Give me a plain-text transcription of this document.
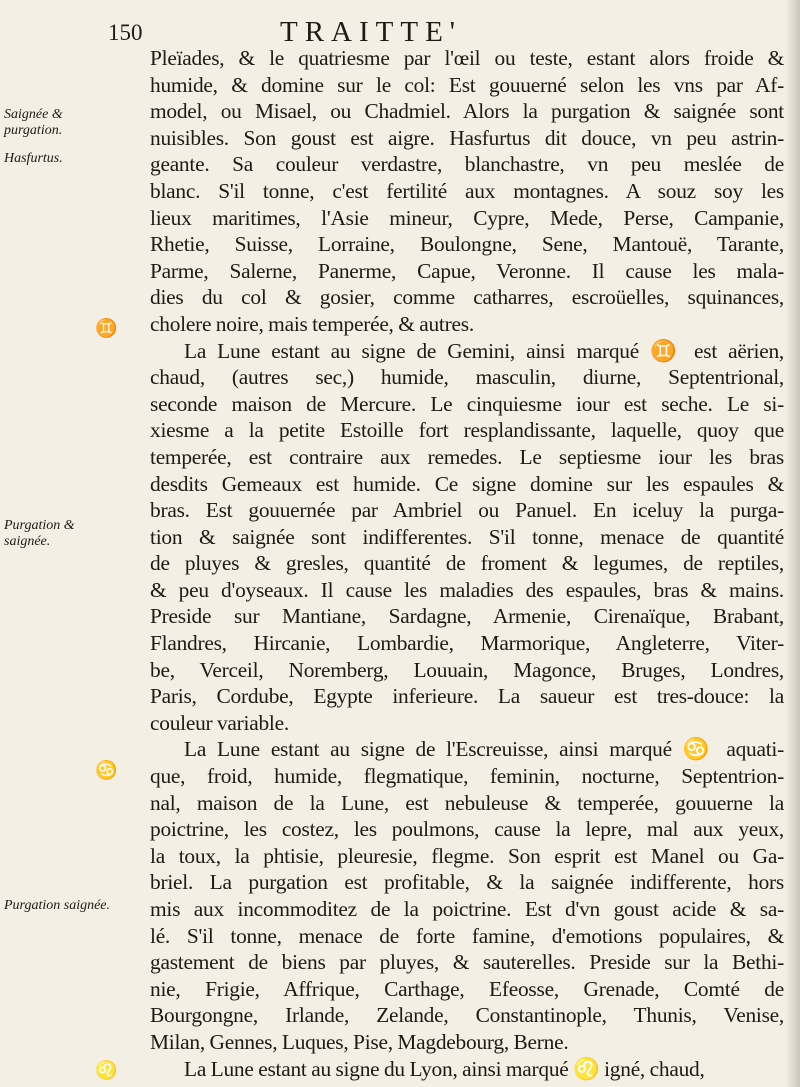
150	TRAITTE'
Saignée & purgation.
Hasfurtus.
♊
Purgation & saignée.
♋
Purgation saignée.
♌
Pleïades, & le quatriesme par l'œil ou teste, estant alors froide &
humide, & domine sur le col: Est gouuerné selon les vns par Af-
model, ou Misael, ou Chadmiel. Alors la purgation & saignée sont
nuisibles. Son goust est aigre. Hasfurtus dit douce, vn peu astrin-
geante. Sa couleur verdastre, blanchastre, vn peu meslée de
blanc. S'il tonne, c'est fertilité aux montagnes. A souz soy les
lieux maritimes, l'Asie mineur, Cypre, Mede, Perse, Campanie,
Rhetie, Suisse, Lorraine, Boulongne, Sene, Mantouë, Tarante,
Parme, Salerne, Panerme, Capue, Veronne. Il cause les mala-
dies du col & gosier, comme catharres, escroüelles, squinances,
cholere noire, mais temperée, & autres.
La Lune estant au signe de Gemini, ainsi marqué ♊ est aërien,
chaud, (autres sec,) humide, masculin, diurne, Septentrional,
seconde maison de Mercure. Le cinquiesme iour est seche. Le si-
xiesme a la petite Estoille fort resplandissante, laquelle, quoy que
temperée, est contraire aux remedes. Le septiesme iour les bras
desdits Gemeaux est humide. Ce signe domine sur les espaules &
bras. Est gouuernée par Ambriel ou Panuel. En iceluy la purga-
tion & saignée sont indifferentes. S'il tonne, menace de quantité
de pluyes & gresles, quantité de froment & legumes, de reptiles,
& peu d'oyseaux. Il cause les maladies des espaules, bras & mains.
Preside sur Mantiane, Sardagne, Armenie, Cirenaïque, Brabant,
Flandres, Hircanie, Lombardie, Marmorique, Angleterre, Viter-
be, Verceil, Noremberg, Louuain, Magonce, Bruges, Londres,
Paris, Cordube, Egypte inferieure. La saueur est tres-douce: la
couleur variable.
La Lune estant au signe de l'Escreuisse, ainsi marqué ♋ aquati-
que, froid, humide, flegmatique, feminin, nocturne, Septentrion-
nal, maison de la Lune, est nebuleuse & temperée, gouuerne la
poictrine, les costez, les poulmons, cause la lepre, mal aux yeux,
la toux, la phtisie, pleuresie, flegme. Son esprit est Manel ou Ga-
briel. La purgation est profitable, & la saignée indifferente, hors
mis aux incommoditez de la poictrine. Est d'vn goust acide & sa-
lé. S'il tonne, menace de forte famine, d'emotions populaires, &
gastement de biens par pluyes, & sauterelles. Preside sur la Bethi-
nie, Frigie, Affrique, Carthage, Efeosse, Grenade, Comté de
Bourgongne, Irlande, Zelande, Constantinople, Thunis, Venise,
Milan, Gennes, Luques, Pise, Magdebourg, Berne.
La Lune estant au signe du Lyon, ainsi marqué ♌ igné, chaud,
